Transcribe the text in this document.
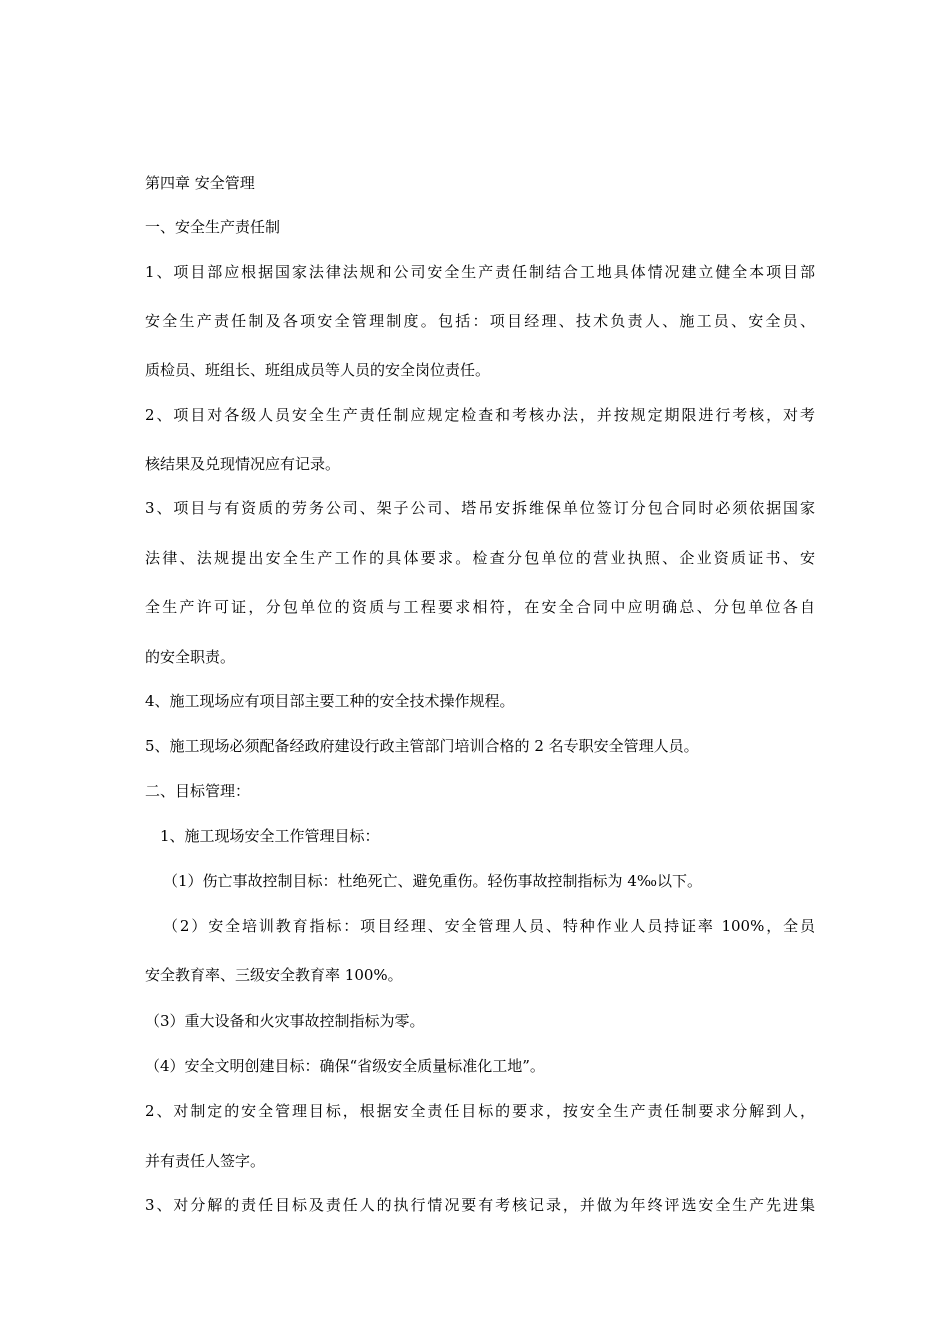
第四章 安全管理
一、安全生产责任制
1、项目部应根据国家法律法规和公司安全生产责任制结合工地具体情况建立健全本项目部
安全生产责任制及各项安全管理制度。包括：项目经理、技术负责人、施工员、安全员、
质检员、班组长、班组成员等人员的安全岗位责任。
2、项目对各级人员安全生产责任制应规定检查和考核办法，并按规定期限进行考核，对考
核结果及兑现情况应有记录。
3、项目与有资质的劳务公司、架子公司、塔吊安拆维保单位签订分包合同时必须依据国家
法律、法规提出安全生产工作的具体要求。检查分包单位的营业执照、企业资质证书、安
全生产许可证，分包单位的资质与工程要求相符，在安全合同中应明确总、分包单位各自
的安全职责。
4、施工现场应有项目部主要工种的安全技术操作规程。
5、施工现场必须配备经政府建设行政主管部门培训合格的 2 名专职安全管理人员。
二、目标管理：
1、施工现场安全工作管理目标：
（1）伤亡事故控制目标：杜绝死亡、避免重伤。轻伤事故控制指标为 4‰以下。
（2）安全培训教育指标：项目经理、安全管理人员、特种作业人员持证率 100%，全员
安全教育率、三级安全教育率 100%。
（3）重大设备和火灾事故控制指标为零。
（4）安全文明创建目标：确保“省级安全质量标准化工地”。
2、对制定的安全管理目标，根据安全责任目标的要求，按安全生产责任制要求分解到人，
并有责任人签字。
3、对分解的责任目标及责任人的执行情况要有考核记录，并做为年终评选安全生产先进集
